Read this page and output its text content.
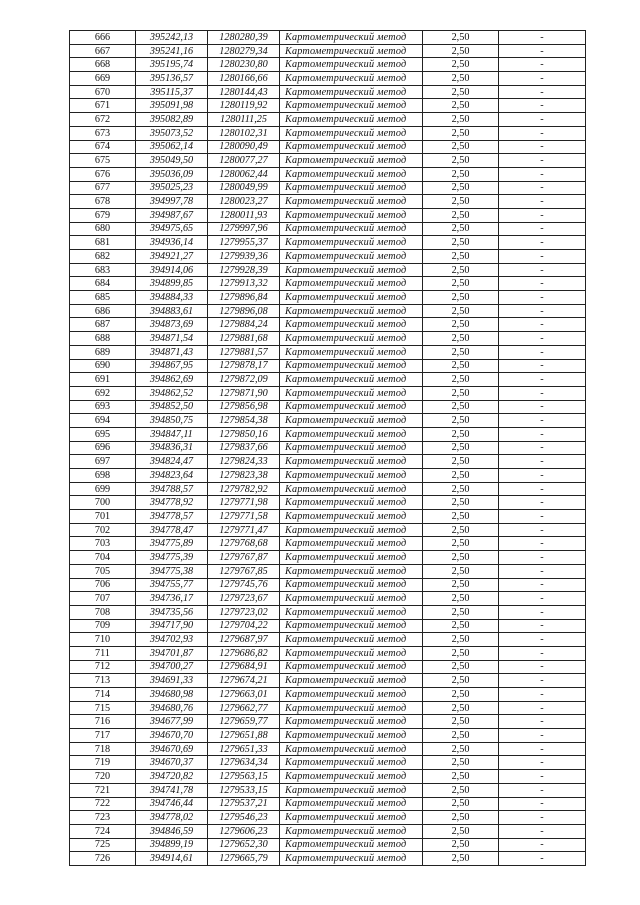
666	395242,13	1280280,39	Картометрический метод	2,50	-
667	395241,16	1280279,34	Картометрический метод	2,50	-
668	395195,74	1280230,80	Картометрический метод	2,50	-
669	395136,57	1280166,66	Картометрический метод	2,50	-
670	395115,37	1280144,43	Картометрический метод	2,50	-
671	395091,98	1280119,92	Картометрический метод	2,50	-
672	395082,89	1280111,25	Картометрический метод	2,50	-
673	395073,52	1280102,31	Картометрический метод	2,50	-
674	395062,14	1280090,49	Картометрический метод	2,50	-
675	395049,50	1280077,27	Картометрический метод	2,50	-
676	395036,09	1280062,44	Картометрический метод	2,50	-
677	395025,23	1280049,99	Картометрический метод	2,50	-
678	394997,78	1280023,27	Картометрический метод	2,50	-
679	394987,67	1280011,93	Картометрический метод	2,50	-
680	394975,65	1279997,96	Картометрический метод	2,50	-
681	394936,14	1279955,37	Картометрический метод	2,50	-
682	394921,27	1279939,36	Картометрический метод	2,50	-
683	394914,06	1279928,39	Картометрический метод	2,50	-
684	394899,85	1279913,32	Картометрический метод	2,50	-
685	394884,33	1279896,84	Картометрический метод	2,50	-
686	394883,61	1279896,08	Картометрический метод	2,50	-
687	394873,69	1279884,24	Картометрический метод	2,50	-
688	394871,54	1279881,68	Картометрический метод	2,50	-
689	394871,43	1279881,57	Картометрический метод	2,50	-
690	394867,95	1279878,17	Картометрический метод	2,50	-
691	394862,69	1279872,09	Картометрический метод	2,50	-
692	394862,52	1279871,90	Картометрический метод	2,50	-
693	394852,50	1279856,98	Картометрический метод	2,50	-
694	394850,75	1279854,38	Картометрический метод	2,50	-
695	394847,11	1279850,16	Картометрический метод	2,50	-
696	394836,31	1279837,66	Картометрический метод	2,50	-
697	394824,47	1279824,33	Картометрический метод	2,50	-
698	394823,64	1279823,38	Картометрический метод	2,50	-
699	394788,57	1279782,92	Картометрический метод	2,50	-
700	394778,92	1279771,98	Картометрический метод	2,50	-
701	394778,57	1279771,58	Картометрический метод	2,50	-
702	394778,47	1279771,47	Картометрический метод	2,50	-
703	394775,89	1279768,68	Картометрический метод	2,50	-
704	394775,39	1279767,87	Картометрический метод	2,50	-
705	394775,38	1279767,85	Картометрический метод	2,50	-
706	394755,77	1279745,76	Картометрический метод	2,50	-
707	394736,17	1279723,67	Картометрический метод	2,50	-
708	394735,56	1279723,02	Картометрический метод	2,50	-
709	394717,90	1279704,22	Картометрический метод	2,50	-
710	394702,93	1279687,97	Картометрический метод	2,50	-
711	394701,87	1279686,82	Картометрический метод	2,50	-
712	394700,27	1279684,91	Картометрический метод	2,50	-
713	394691,33	1279674,21	Картометрический метод	2,50	-
714	394680,98	1279663,01	Картометрический метод	2,50	-
715	394680,76	1279662,77	Картометрический метод	2,50	-
716	394677,99	1279659,77	Картометрический метод	2,50	-
717	394670,70	1279651,88	Картометрический метод	2,50	-
718	394670,69	1279651,33	Картометрический метод	2,50	-
719	394670,37	1279634,34	Картометрический метод	2,50	-
720	394720,82	1279563,15	Картометрический метод	2,50	-
721	394741,78	1279533,15	Картометрический метод	2,50	-
722	394746,44	1279537,21	Картометрический метод	2,50	-
723	394778,02	1279546,23	Картометрический метод	2,50	-
724	394846,59	1279606,23	Картометрический метод	2,50	-
725	394899,19	1279652,30	Картометрический метод	2,50	-
726	394914,61	1279665,79	Картометрический метод	2,50	-
